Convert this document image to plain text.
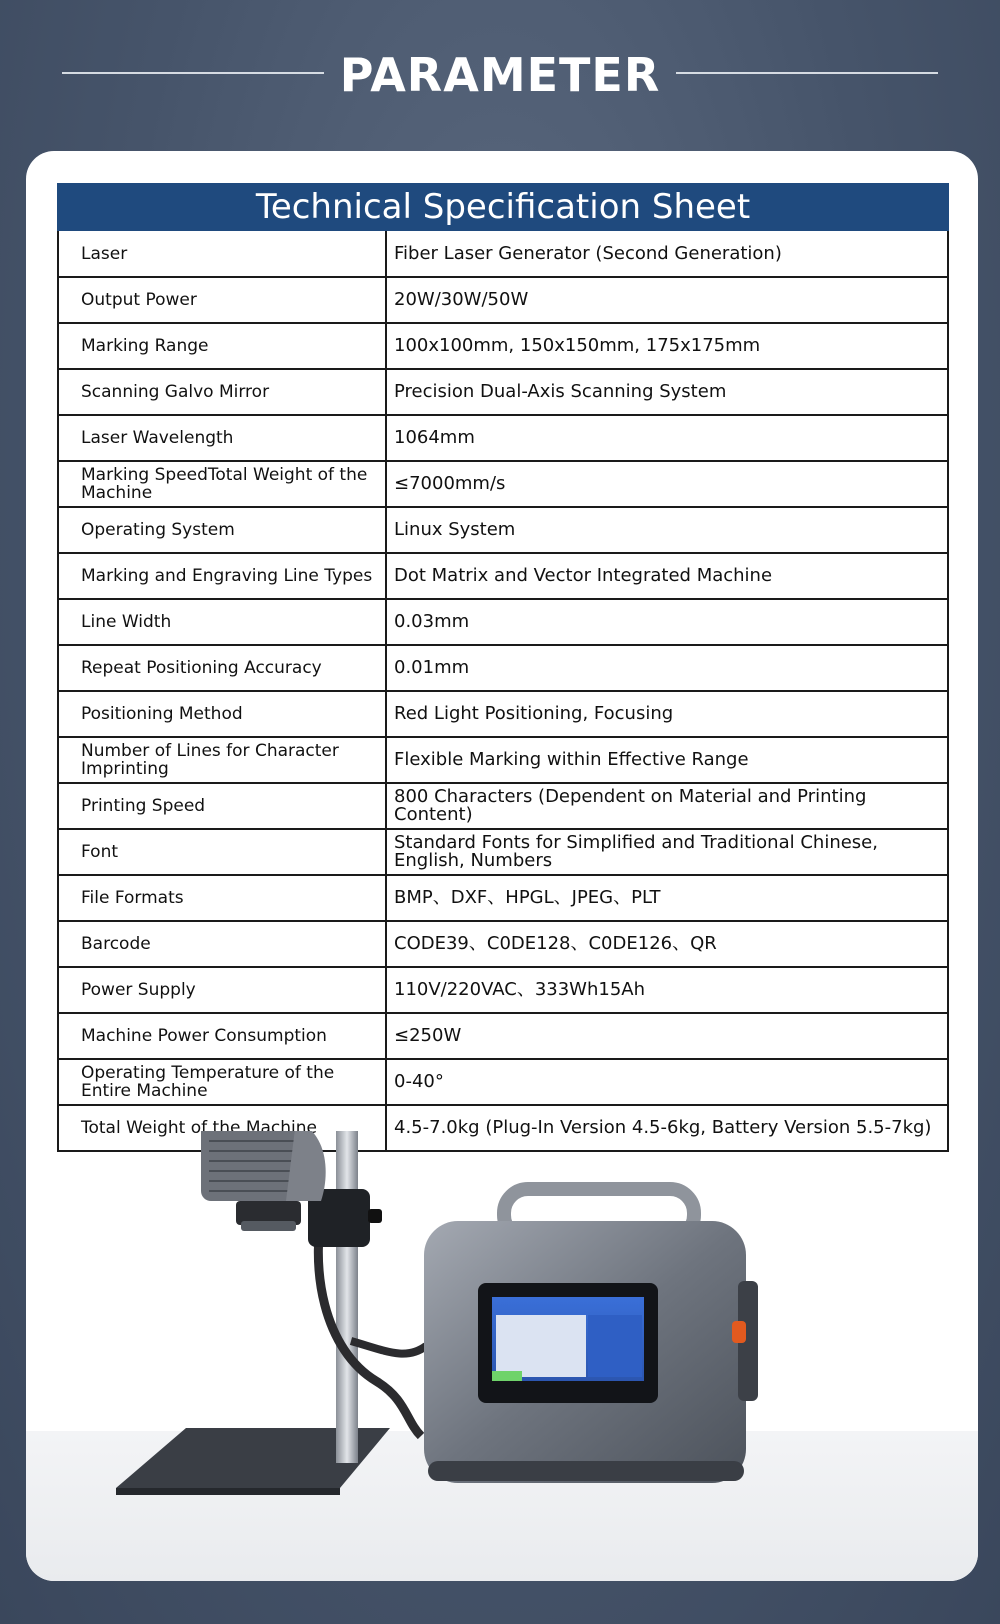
PARAMETER
Technical Specification Sheet
Laser	Fiber Laser Generator (Second Generation)
Output Power	20W/30W/50W
Marking Range	100x100mm, 150x150mm, 175x175mm
Scanning Galvo Mirror	Precision Dual-Axis Scanning System
Laser Wavelength	1064mm
Marking SpeedTotal Weight of the Machine	≤7000mm/s
Operating System	Linux System
Marking and Engraving Line Types	Dot Matrix and Vector Integrated Machine
Line Width	0.03mm
Repeat Positioning Accuracy	0.01mm
Positioning Method	Red Light Positioning, Focusing
Number of Lines for Character Imprinting	Flexible Marking within Effective Range
Printing Speed	800 Characters (Dependent on Material and Printing Content)
Font	Standard Fonts for Simplified and Traditional Chinese, English, Numbers
File Formats	BMP、DXF、HPGL、JPEG、PLT
Barcode	CODE39、C0DE128、C0DE126、QR
Power Supply	110V/220VAC、333Wh15Ah
Machine Power Consumption	≤250W
Operating Temperature of the Entire Machine	0-40°
Total Weight of the Machine	4.5-7.0kg (Plug-In Version 4.5-6kg, Battery Version 5.5-7kg)
